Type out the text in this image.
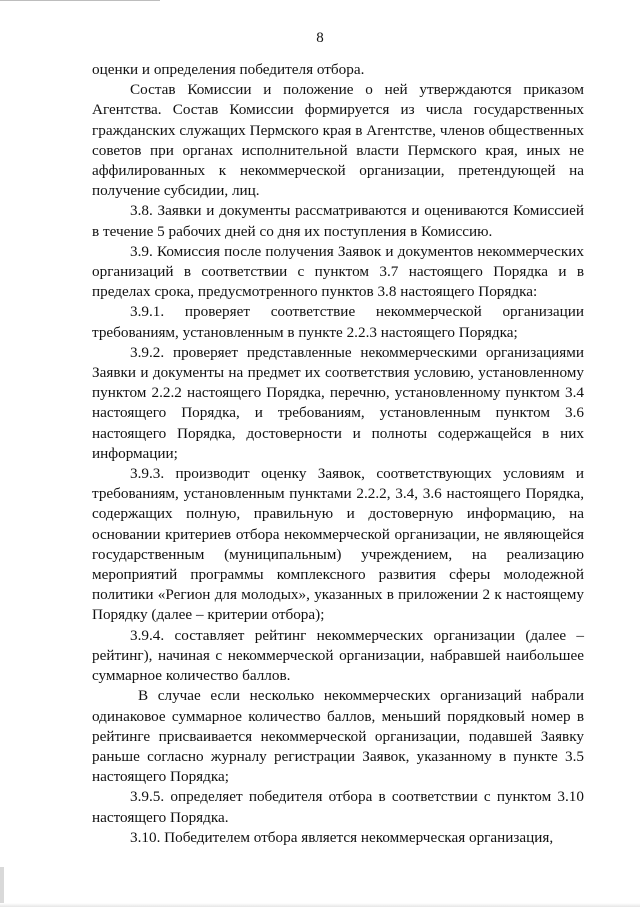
8

оценки и определения победителя отбора.

Состав Комиссии и положение о ней утверждаются приказом Агентства. Состав Комиссии формируется из числа государственных гражданских служащих Пермского края в Агентстве, членов общественных советов при органах исполнительной власти Пермского края, иных не аффилированных к некоммерческой организации, претендующей на получение субсидии, лиц.

3.8. Заявки и документы рассматриваются и оцениваются Комиссией в течение 5 рабочих дней со дня их поступления в Комиссию.

3.9. Комиссия после получения Заявок и документов некоммерческих организаций в соответствии с пунктом 3.7 настоящего Порядка и в пределах срока, предусмотренного пунктов 3.8 настоящего Порядка:

3.9.1. проверяет соответствие некоммерческой организации требованиям, установленным в пункте 2.2.3 настоящего Порядка;

3.9.2. проверяет представленные некоммерческими организациями Заявки и документы на предмет их соответствия условию, установленному пунктом 2.2.2 настоящего Порядка, перечню, установленному пунктом 3.4 настоящего Порядка, и требованиям, установленным пунктом 3.6 настоящего Порядка, достоверности и полноты содержащейся в них информации;

3.9.3. производит оценку Заявок, соответствующих условиям и требованиям, установленным пунктами 2.2.2, 3.4, 3.6 настоящего Порядка, содержащих полную, правильную и достоверную информацию, на основании критериев отбора некоммерческой организации, не являющейся государственным (муниципальным) учреждением, на реализацию мероприятий программы комплексного развития сферы молодежной политики «Регион для молодых», указанных в приложении 2 к настоящему Порядку (далее – критерии отбора);

3.9.4. составляет рейтинг некоммерческих организации (далее – рейтинг), начиная с некоммерческой организации, набравшей наибольшее суммарное количество баллов.

В случае если несколько некоммерческих организаций набрали одинаковое суммарное количество баллов, меньший порядковый номер в рейтинге присваивается некоммерческой организации, подавшей Заявку раньше согласно журналу регистрации Заявок, указанному в пункте 3.5 настоящего Порядка;

3.9.5. определяет победителя отбора в соответствии с пунктом 3.10 настоящего Порядка.

3.10. Победителем отбора является некоммерческая организация,
